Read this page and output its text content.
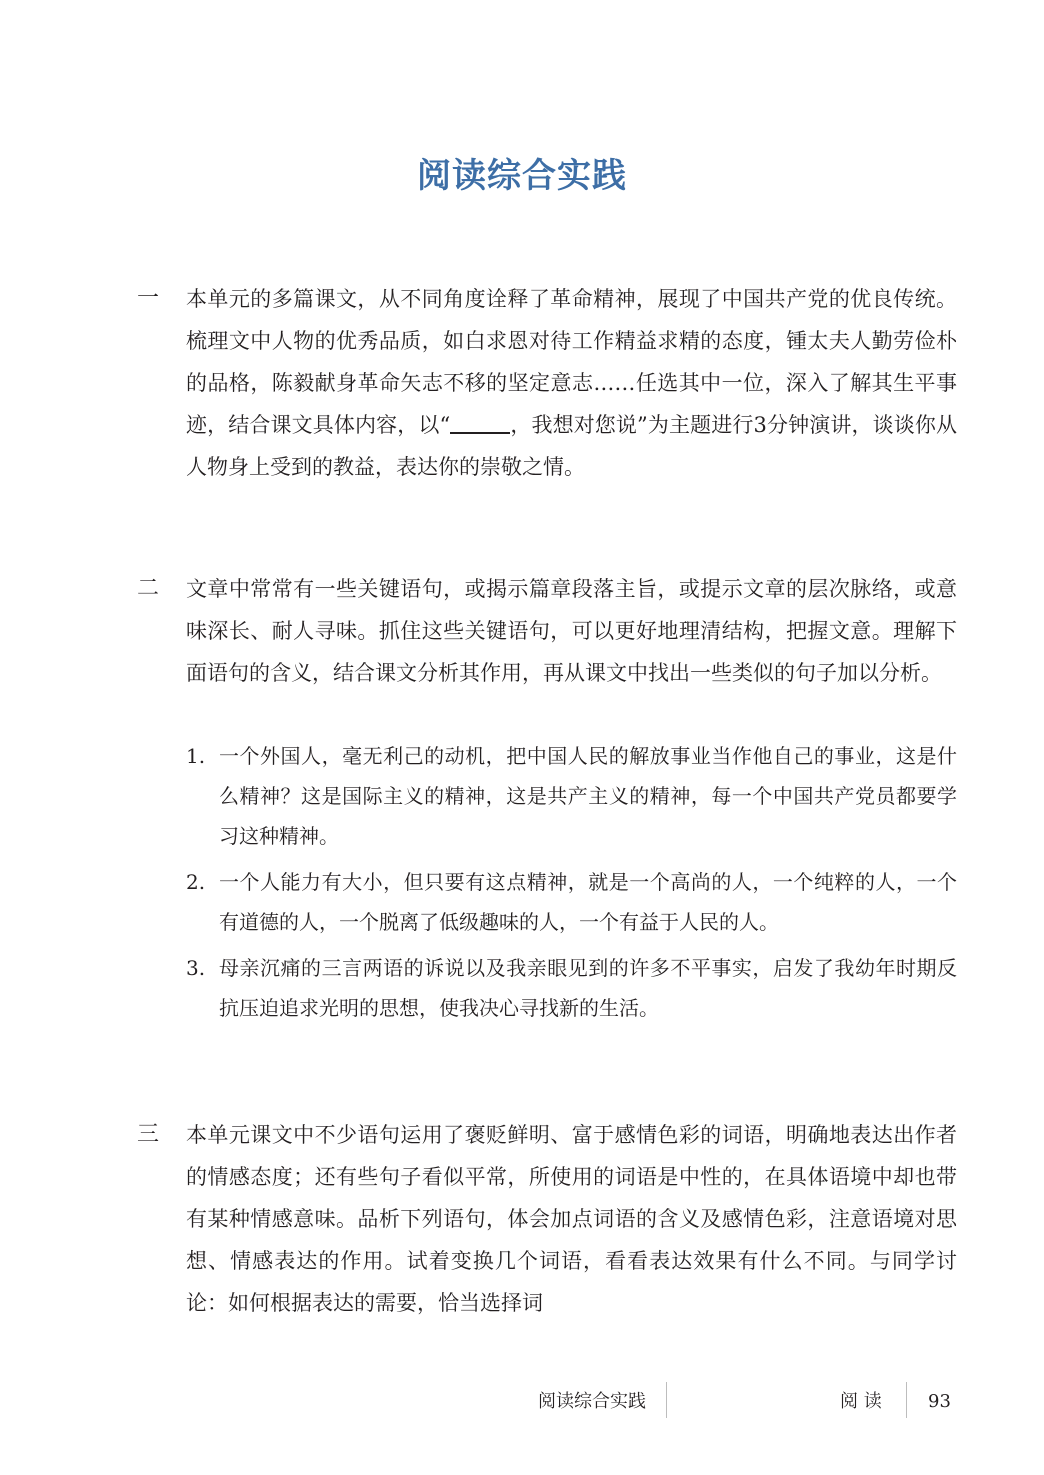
阅读综合实践
一 本单元的多篇课文，从不同角度诠释了革命精神，展现了中国共产党的优良传统。梳理文中人物的优秀品质，如白求恩对待工作精益求精的态度，锺太夫人勤劳俭朴的品格，陈毅献身革命矢志不移的坚定意志……任选其中一位，深入了解其生平事迹，结合课文具体内容，以“	，我想对您说”为主题进行3分钟演讲，谈谈你从人物身上受到的教益，表达你的崇敬之情。

二 文章中常常有一些关键语句，或揭示篇章段落主旨，或提示文章的层次脉络，或意味深长、耐人寻味。抓住这些关键语句，可以更好地理清结构，把握文意。理解下面语句的含义，结合课文分析其作用，再从课文中找出一些类似的句子加以分析。

1. 一个外国人，毫无利己的动机，把中国人民的解放事业当作他自己的事业，这是什么精神？这是国际主义的精神，这是共产主义的精神，每一个中国共产党员都要学习这种精神。
2. 一个人能力有大小，但只要有这点精神，就是一个高尚的人，一个纯粹的人，一个有道德的人，一个脱离了低级趣味的人，一个有益于人民的人。
3. 母亲沉痛的三言两语的诉说以及我亲眼见到的许多不平事实，启发了我幼年时期反抗压迫追求光明的思想，使我决心寻找新的生活。
三 本单元课文中不少语句运用了褒贬鲜明、富于感情色彩的词语，明确地表达出作者的情感态度；还有些句子看似平常，所使用的词语是中性的，在具体语境中却也带有某种情感意味。品析下列语句，体会加点词语的含义及感情色彩，注意语境对思想、情感表达的作用。试着变换几个词语，看看表达效果有什么不同。与同学讨论：如何根据表达的需要，恰当选择词

阅读综合实践	阅 读	93
